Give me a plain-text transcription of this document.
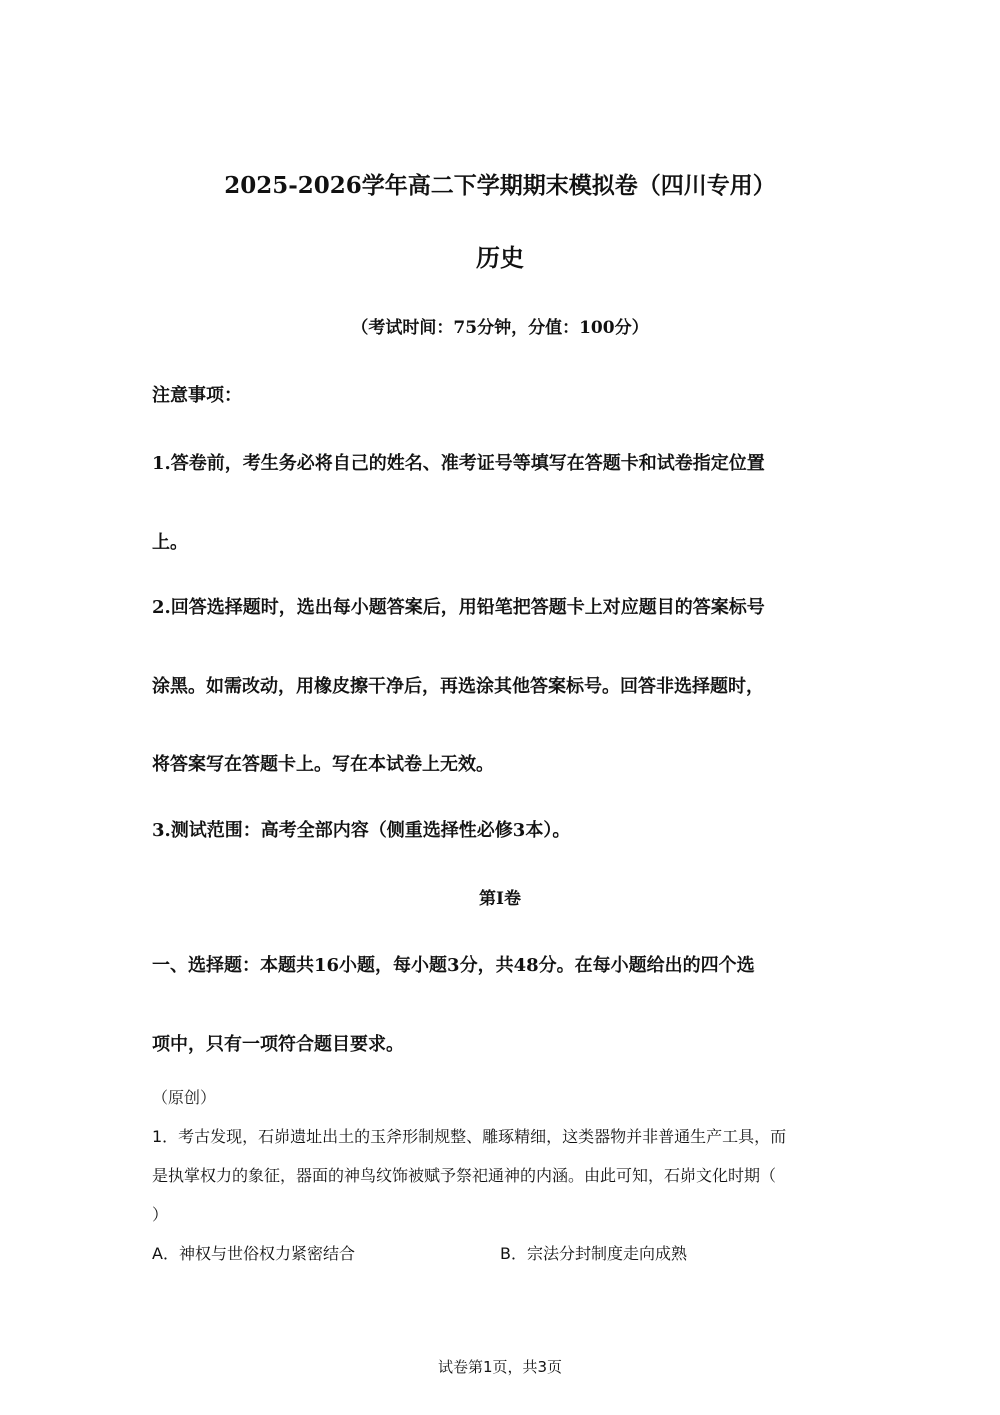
2025-2026学年高二下学期期末模拟卷（四川专用）
历史
（考试时间：75分钟，分值：100分）
注意事项：
1.答卷前，考生务必将自己的姓名、准考证号等填写在答题卡和试卷指定位置
上。
2.回答选择题时，选出每小题答案后，用铅笔把答题卡上对应题目的答案标号
涂黑。如需改动，用橡皮擦干净后，再选涂其他答案标号。回答非选择题时，
将答案写在答题卡上。写在本试卷上无效。
3.测试范围：高考全部内容（侧重选择性必修3本）。
第Ⅰ卷
一、选择题：本题共16小题，每小题3分，共48分。在每小题给出的四个选
项中，只有一项符合题目要求。
（原创）
1．考古发现，石峁遗址出土的玉斧形制规整、雕琢精细，这类器物并非普通生产工具，而
是执掌权力的象征，器面的神鸟纹饰被赋予祭祀通神的内涵。由此可知，石峁文化时期（
）
A．神权与世俗权力紧密结合	B．宗法分封制度走向成熟
试卷第1页，共3页
